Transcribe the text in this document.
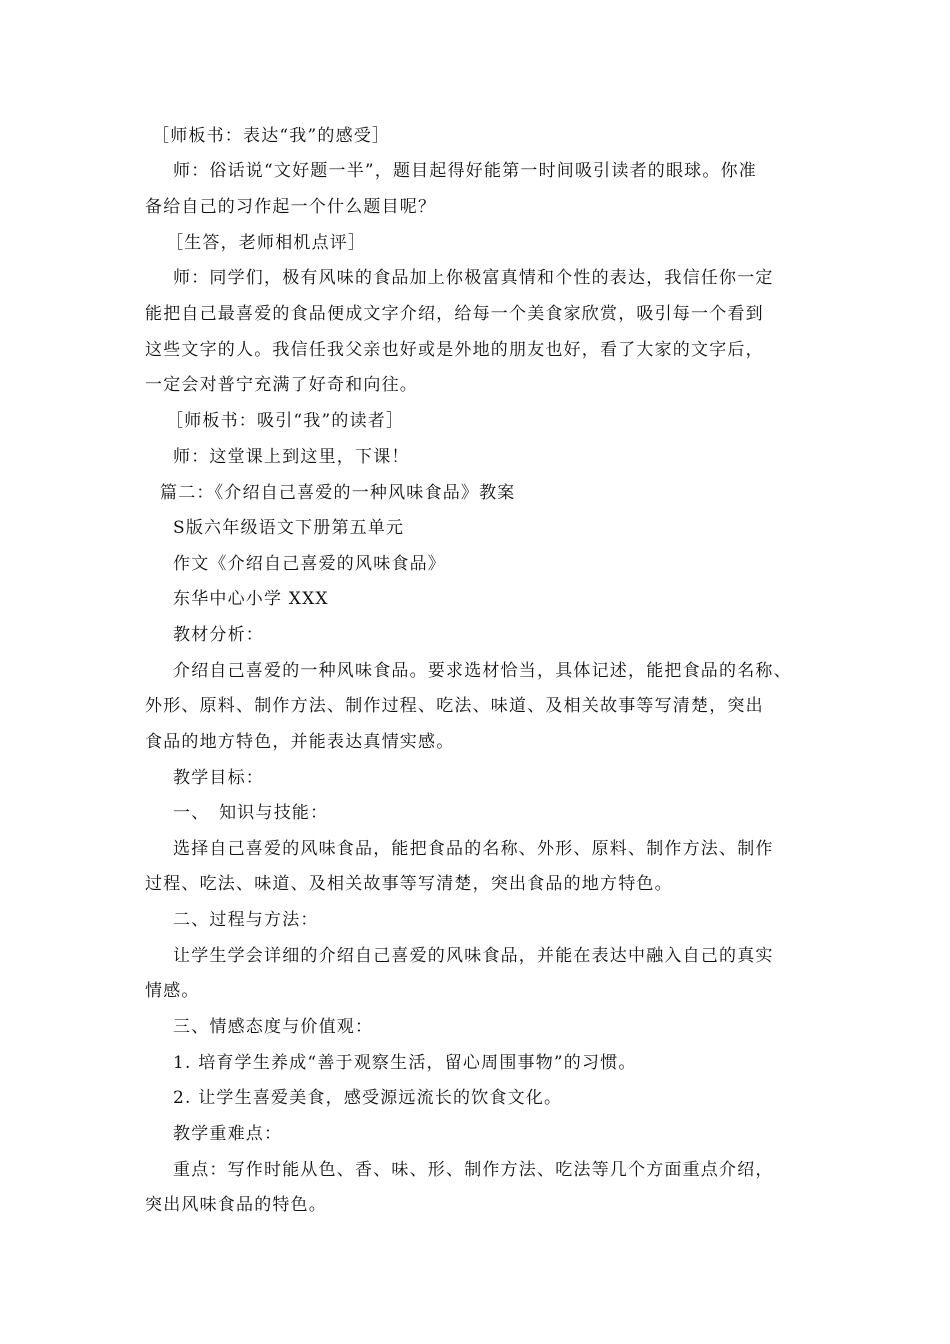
［师板书：表达“我”的感受］
师：俗话说“文好题一半”，题目起得好能第一时间吸引读者的眼球。你准
备给自己的习作起一个什么题目呢？
［生答，老师相机点评］
师：同学们，极有风味的食品加上你极富真情和个性的表达，我信任你一定
能把自己最喜爱的食品便成文字介绍，给每一个美食家欣赏，吸引每一个看到
这些文字的人。我信任我父亲也好或是外地的朋友也好，看了大家的文字后，
一定会对普宁充满了好奇和向往。
［师板书：吸引“我”的读者］
师：这堂课上到这里，下课！
篇二：《介绍自己喜爱的一种风味食品》教案
S版六年级语文下册第五单元
作文《介绍自己喜爱的风味食品》
东华中心小学 XXX
教材分析：
介绍自己喜爱的一种风味食品。要求选材恰当，具体记述，能把食品的名称、
外形、原料、制作方法、制作过程、吃法、味道、及相关故事等写清楚，突出
食品的地方特色，并能表达真情实感。
教学目标：
一、　知识与技能：
选择自己喜爱的风味食品，能把食品的名称、外形、原料、制作方法、制作
过程、吃法、味道、及相关故事等写清楚，突出食品的地方特色。
二、过程与方法：
让学生学会详细的介绍自己喜爱的风味食品，并能在表达中融入自己的真实
情感。
三、情感态度与价值观：
1. 培育学生养成“善于观察生活，留心周围事物”的习惯。
2. 让学生喜爱美食，感受源远流长的饮食文化。
教学重难点：
重点：写作时能从色、香、味、形、制作方法、吃法等几个方面重点介绍，
突出风味食品的特色。
